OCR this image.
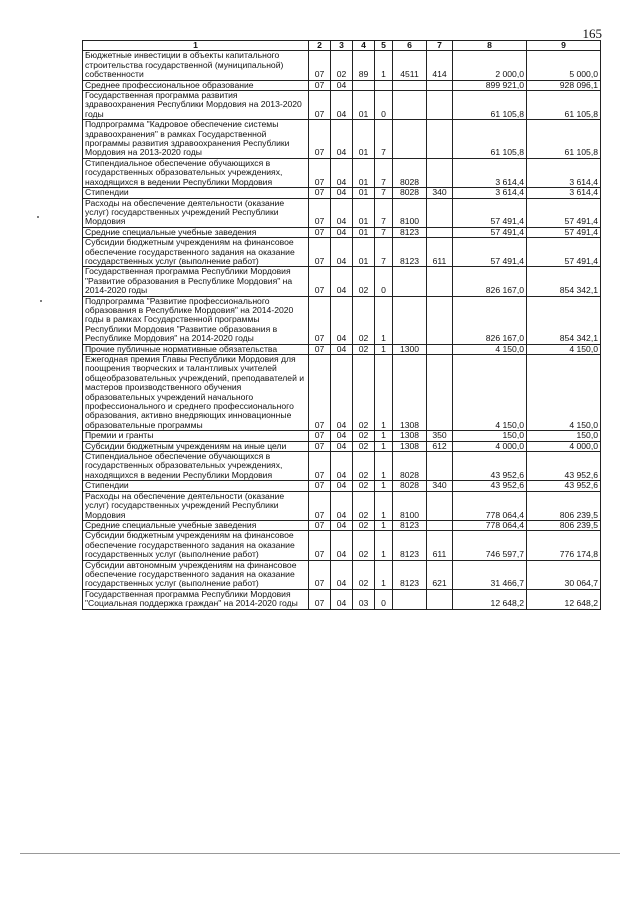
165
1	2	3	4	5	6	7	8	9
Бюджетные инвестиции в объекты капитального строительства государственной (муниципальной) собственности	07	02	89	1	4511	414	2 000,0	5 000,0
Среднее профессиональное образование	07	04					899 921,0	928 096,1
Государственная программа развития здравоохранения Республики Мордовия на 2013-2020 годы	07	04	01	0			61 105,8	61 105,8
Подпрограмма "Кадровое обеспечение системы здравоохранения" в рамках Государственной программы развития здравоохранения Республики Мордовия на 2013-2020 годы	07	04	01	7			61 105,8	61 105,8
Стипендиальное обеспечение обучающихся в государственных образовательных учреждениях, находящихся в ведении Республики Мордовия	07	04	01	7	8028		3 614,4	3 614,4
Стипендии	07	04	01	7	8028	340	3 614,4	3 614,4
Расходы на обеспечение деятельности (оказание услуг) государственных учреждений Республики Мордовия	07	04	01	7	8100		57 491,4	57 491,4
Средние специальные учебные заведения	07	04	01	7	8123		57 491,4	57 491,4
Субсидии бюджетным учреждениям на финансовое обеспечение государственного задания на оказание государственных услуг (выполнение работ)	07	04	01	7	8123	611	57 491,4	57 491,4
Государственная программа Республики Мордовия "Развитие образования в Республике Мордовия" на 2014-2020 годы	07	04	02	0			826 167,0	854 342,1
Подпрограмма "Развитие профессионального образования в Республике Мордовия" на 2014-2020 годы в рамках Государственной программы Республики Мордовия "Развитие образования в Республике Мордовия" на 2014-2020 годы	07	04	02	1			826 167,0	854 342,1
Прочие публичные нормативные обязательства	07	04	02	1	1300		4 150,0	4 150,0
Ежегодная премия Главы Республики Мордовия для поощрения творческих и талантливых учителей общеобразовательных учреждений, преподавателей и мастеров производственного обучения образовательных учреждений начального профессионального и среднего профессионального образования, активно внедряющих инновационные образовательные программы	07	04	02	1	1308		4 150,0	4 150,0
Премии и гранты	07	04	02	1	1308	350	150,0	150,0
Субсидии бюджетным учреждениям на иные цели	07	04	02	1	1308	612	4 000,0	4 000,0
Стипендиальное обеспечение обучающихся в государственных образовательных учреждениях, находящихся в ведении Республики Мордовия	07	04	02	1	8028		43 952,6	43 952,6
Стипендии	07	04	02	1	8028	340	43 952,6	43 952,6
Расходы на обеспечение деятельности (оказание услуг) государственных учреждений Республики Мордовия	07	04	02	1	8100		778 064,4	806 239,5
Средние специальные учебные заведения	07	04	02	1	8123		778 064,4	806 239,5
Субсидии бюджетным учреждениям на финансовое обеспечение государственного задания на оказание государственных услуг (выполнение работ)	07	04	02	1	8123	611	746 597,7	776 174,8
Субсидии автономным учреждениям на финансовое обеспечение государственного задания на оказание государственных услуг (выполнение работ)	07	04	02	1	8123	621	31 466,7	30 064,7
Государственная программа Республики Мордовия "Социальная поддержка граждан" на 2014-2020 годы	07	04	03	0			12 648,2	12 648,2
